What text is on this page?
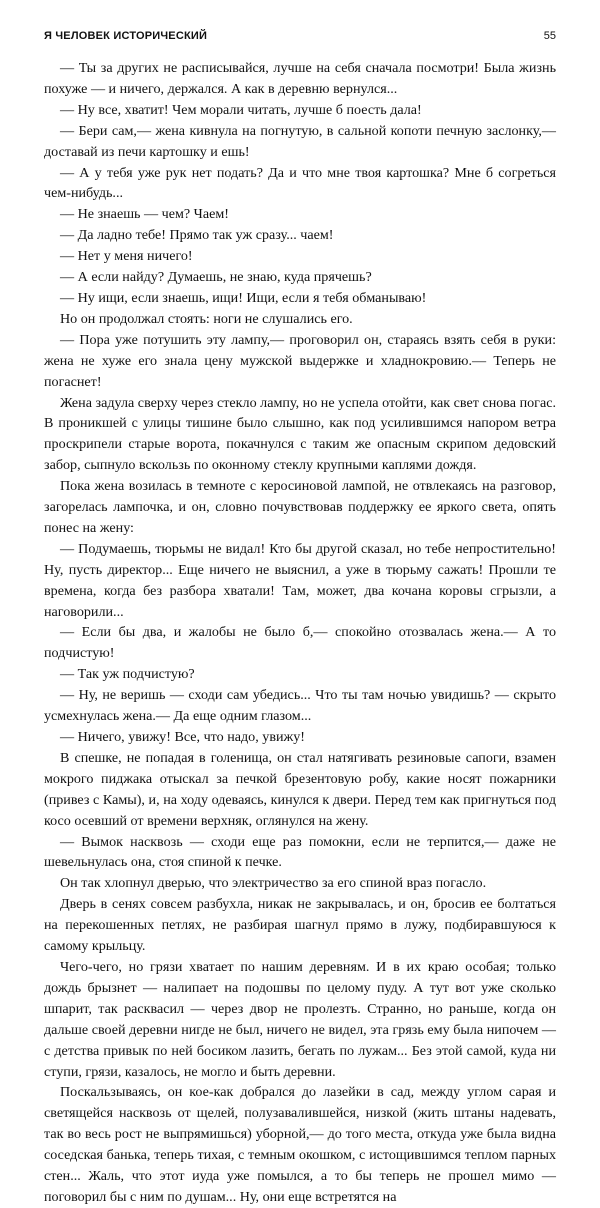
Я ЧЕЛОВЕК ИСТОРИЧЕСКИЙ	55

— Ты за других не расписывайся, лучше на себя сначала посмотри! Была жизнь похуже — и ничего, держался. А как в деревню вернулся...

— Ну все, хватит! Чем морали читать, лучше б поесть дала!

— Бери сам,— жена кивнула на погнутую, в сальной копоти печную заслонку,— доставай из печи картошку и ешь!

— А у тебя уже рук нет подать? Да и что мне твоя картошка? Мне б согреться чем-нибудь...

— Не знаешь — чем? Чаем!

— Да ладно тебе! Прямо так уж сразу... чаем!

— Нет у меня ничего!

— А если найду? Думаешь, не знаю, куда прячешь?

— Ну ищи, если знаешь, ищи! Ищи, если я тебя обманываю!

Но он продолжал стоять: ноги не слушались его.

— Пора уже потушить эту лампу,— проговорил он, стараясь взять себя в руки: жена не хуже его знала цену мужской выдержке и хладнокровию.— Теперь не погаснет!

Жена задула сверху через стекло лампу, но не успела отойти, как свет снова погас. В проникшей с улицы тишине было слышно, как под усилившимся напором ветра проскрипели старые ворота, покачнулся с таким же опасным скрипом дедовский забор, сыпнуло вскользь по оконному стеклу крупными каплями дождя.

Пока жена возилась в темноте с керосиновой лампой, не отвлекаясь на разговор, загорелась лампочка, и он, словно почувствовав поддержку ее яркого света, опять понес на жену:

— Подумаешь, тюрьмы не видал! Кто бы другой сказал, но тебе непростительно! Ну, пусть директор... Еще ничего не выяснил, а уже в тюрьму сажать! Прошли те времена, когда без разбора хватали! Там, может, два кочана коровы сгрызли, а наговорили...

— Если бы два, и жалобы не было б,— спокойно отозвалась жена.— А то подчистую!

— Так уж подчистую?

— Ну, не веришь — сходи сам убедись... Что ты там ночью увидишь? — скрыто усмехнулась жена.— Да еще одним глазом...

— Ничего, увижу! Все, что надо, увижу!

В спешке, не попадая в голенища, он стал натягивать резиновые сапоги, взамен мокрого пиджака отыскал за печкой брезентовую робу, какие носят пожарники (привез с Камы), и, на ходу одеваясь, кинулся к двери. Перед тем как пригнуться под косо осевший от времени верхняк, оглянулся на жену.

— Вымок насквозь — сходи еще раз помокни, если не терпится,— даже не шевельнулась она, стоя спиной к печке.

Он так хлопнул дверью, что электричество за его спиной враз погасло.

Дверь в сенях совсем разбухла, никак не закрывалась, и он, бросив ее болтаться на перекошенных петлях, не разбирая шагнул прямо в лужу, подбиравшуюся к самому крыльцу.

Чего-чего, но грязи хватает по нашим деревням. И в их краю особая; только дождь брызнет — налипает на подошвы по целому пуду. А тут вот уже сколько шпарит, так расквасил — через двор не пролезть. Странно, но раньше, когда он дальше своей деревни нигде не был, ничего не видел, эта грязь ему была нипочем — с детства привык по ней босиком лазить, бегать по лужам... Без этой самой, куда ни ступи, грязи, казалось, не могло и быть деревни.

Поскальзываясь, он кое-как добрался до лазейки в сад, между углом сарая и светящейся насквозь от щелей, полузавалившейся, низкой (жить штаны надевать, так во весь рост не выпрямишься) уборной,— до того места, откуда уже была видна соседская банька, теперь тихая, с темным окошком, с истощившимся теплом парных стен... Жаль, что этот иуда уже помылся, а то бы теперь не прошел мимо — поговорил бы с ним по душам... Ну, они еще встретятся на
